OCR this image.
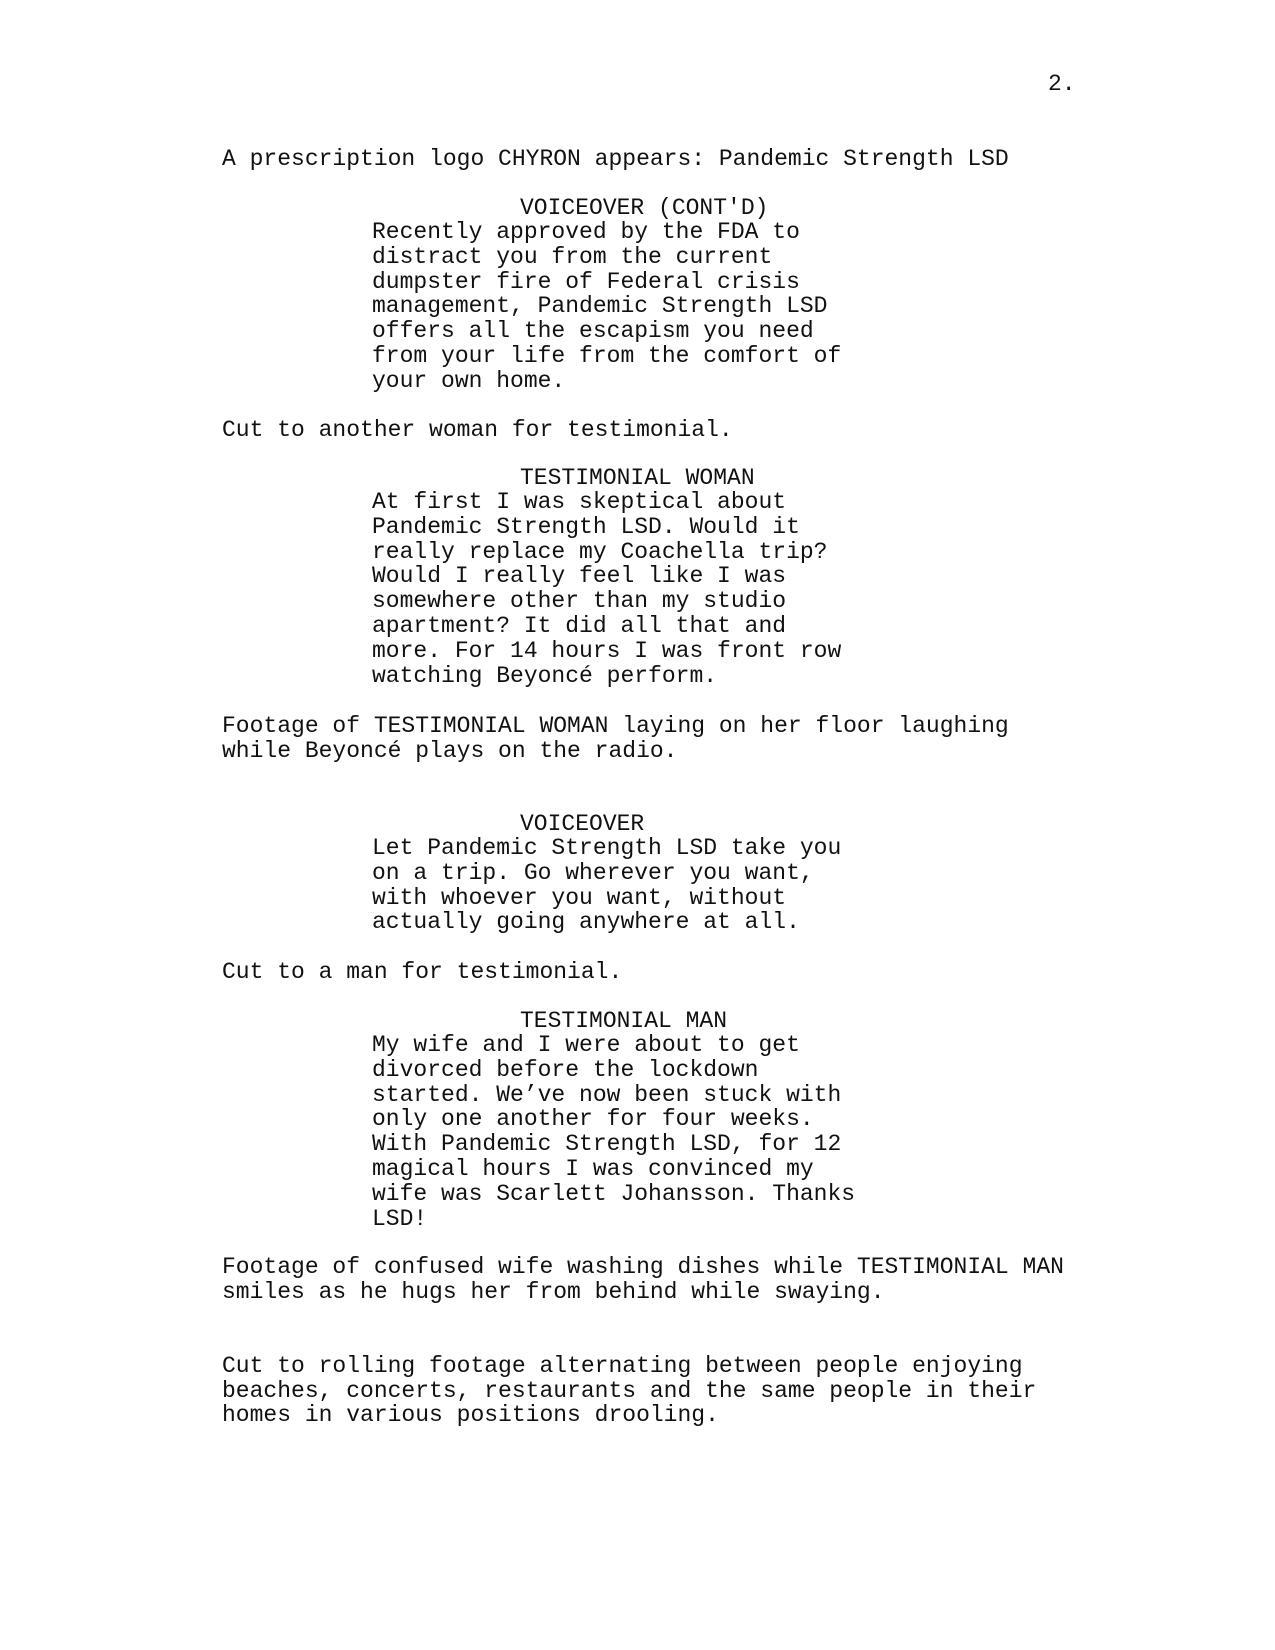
2.

A prescription logo CHYRON appears: Pandemic Strength LSD

VOICEOVER (CONT'D)

Recently approved by the FDA to
distract you from the current
dumpster fire of Federal crisis
management, Pandemic Strength LSD
offers all the escapism you need
from your life from the comfort of
your own home.

Cut to another woman for testimonial.

TESTIMONIAL WOMAN

At first I was skeptical about
Pandemic Strength LSD. Would it
really replace my Coachella trip?
Would I really feel like I was
somewhere other than my studio
apartment? It did all that and
more. For 14 hours I was front row
watching Beyoncé perform.

Footage of TESTIMONIAL WOMAN laying on her floor laughing
while Beyoncé plays on the radio.

VOICEOVER

Let Pandemic Strength LSD take you
on a trip. Go wherever you want,
with whoever you want, without
actually going anywhere at all.

Cut to a man for testimonial.

TESTIMONIAL MAN

My wife and I were about to get
divorced before the lockdown
started. We’ve now been stuck with
only one another for four weeks.
With Pandemic Strength LSD, for 12
magical hours I was convinced my
wife was Scarlett Johansson. Thanks
LSD!

Footage of confused wife washing dishes while TESTIMONIAL MAN
smiles as he hugs her from behind while swaying.

Cut to rolling footage alternating between people enjoying
beaches, concerts, restaurants and the same people in their
homes in various positions drooling.
